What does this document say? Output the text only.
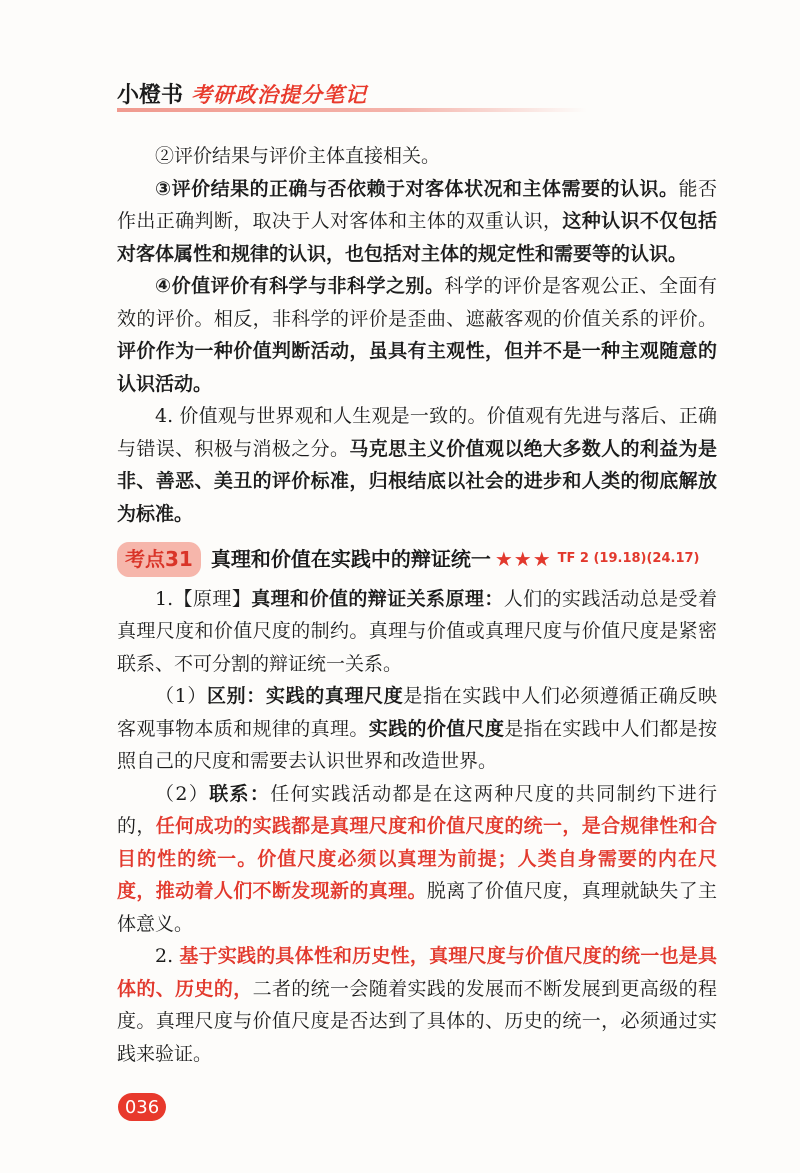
小橙书 考研政治提分笔记

②评价结果与评价主体直接相关。

③评价结果的正确与否依赖于对客体状况和主体需要的认识。能否作出正确判断，取决于人对客体和主体的双重认识，这种认识不仅包括对客体属性和规律的认识，也包括对主体的规定性和需要等的认识。

④价值评价有科学与非科学之别。科学的评价是客观公正、全面有效的评价。相反，非科学的评价是歪曲、遮蔽客观的价值关系的评价。评价作为一种价值判断活动，虽具有主观性，但并不是一种主观随意的认识活动。

4. 价值观与世界观和人生观是一致的。价值观有先进与落后、正确与错误、积极与消极之分。马克思主义价值观以绝大多数人的利益为是非、善恶、美丑的评价标准，归根结底以社会的进步和人类的彻底解放为标准。

考点31 真理和价值在实践中的辩证统一 ★★★ TF 2 (19.18)(24.17)

1.【原理】真理和价值的辩证关系原理：人们的实践活动总是受着真理尺度和价值尺度的制约。真理与价值或真理尺度与价值尺度是紧密联系、不可分割的辩证统一关系。

（1）区别：实践的真理尺度是指在实践中人们必须遵循正确反映客观事物本质和规律的真理。实践的价值尺度是指在实践中人们都是按照自己的尺度和需要去认识世界和改造世界。

（2）联系：任何实践活动都是在这两种尺度的共同制约下进行的，任何成功的实践都是真理尺度和价值尺度的统一，是合规律性和合目的性的统一。价值尺度必须以真理为前提；人类自身需要的内在尺度，推动着人们不断发现新的真理。脱离了价值尺度，真理就缺失了主体意义。

2. 基于实践的具体性和历史性，真理尺度与价值尺度的统一也是具体的、历史的，二者的统一会随着实践的发展而不断发展到更高级的程度。真理尺度与价值尺度是否达到了具体的、历史的统一，必须通过实践来验证。

036
